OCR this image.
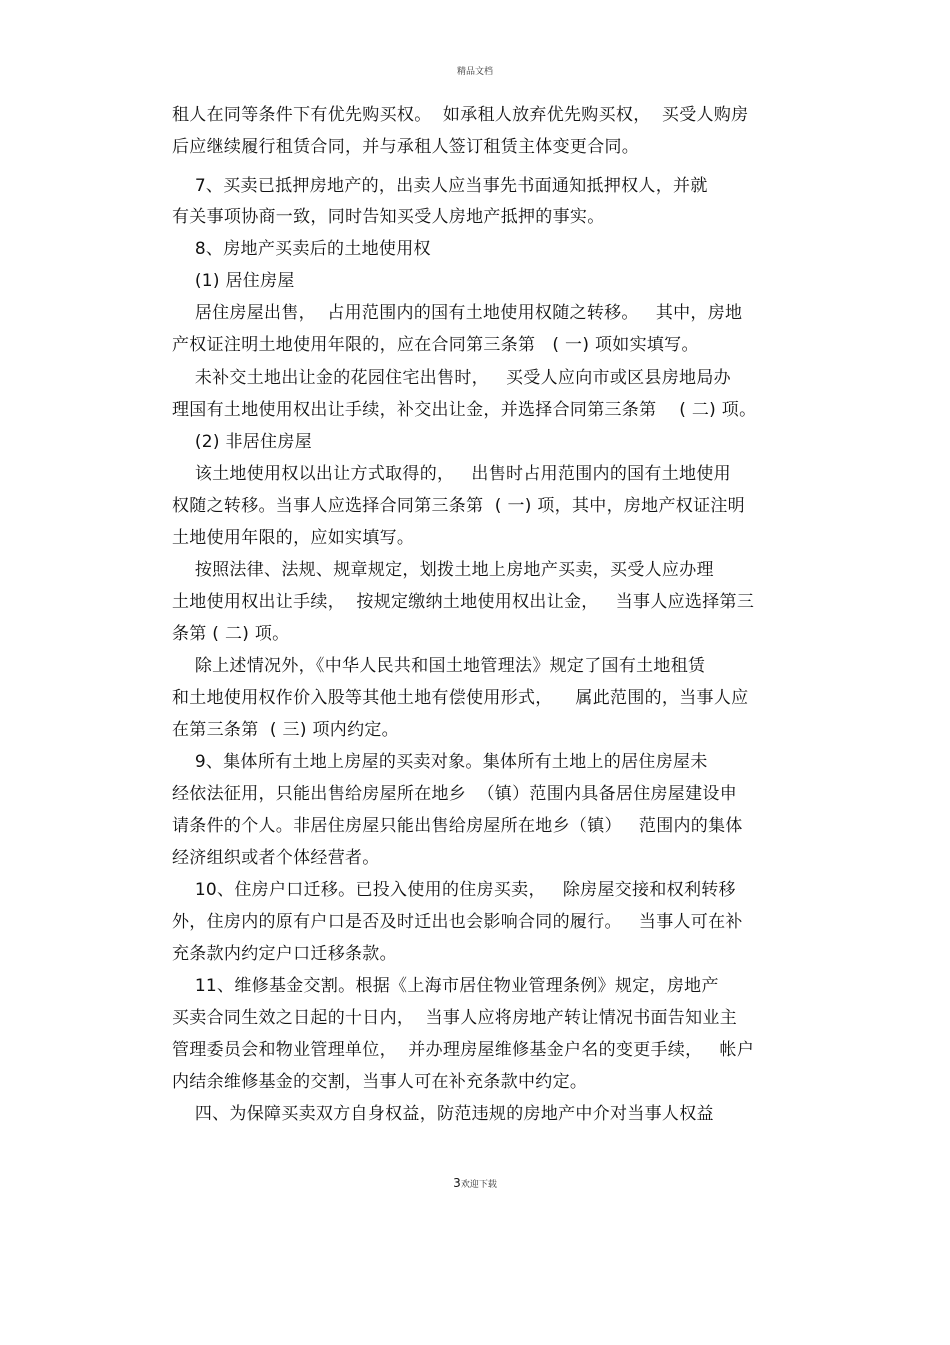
精品文档
租人在同等条件下有优先购买权。  如承租人放弃优先购买权，  买受人购房
后应继续履行租赁合同，并与承租人签订租赁主体变更合同。
7、买卖已抵押房地产的，出卖人应当事先书面通知抵押权人，并就
有关事项协商一致，同时告知买受人房地产抵押的事实。
8、房地产买卖后的土地使用权
(1) 居住房屋
居住房屋出售，  占用范围内的国有土地使用权随之转移。   其中，房地
产权证注明土地使用年限的，应在合同第三条第   ( 一) 项如实填写。
未补交土地出让金的花园住宅出售时，   买受人应向市或区县房地局办
理国有土地使用权出让手续，补交出让金，并选择合同第三条第    ( 二) 项。
(2) 非居住房屋
该土地使用权以出让方式取得的，   出售时占用范围内的国有土地使用
权随之转移。当事人应选择合同第三条第  ( 一) 项，其中，房地产权证注明
土地使用年限的，应如实填写。
按照法律、法规、规章规定，划拨土地上房地产买卖，买受人应办理
土地使用权出让手续，  按规定缴纳土地使用权出让金，   当事人应选择第三
条第 ( 二) 项。
除上述情况外，《中华人民共和国土地管理法》规定了国有土地租赁
和土地使用权作价入股等其他土地有偿使用形式，    属此范围的，当事人应
在第三条第  ( 三) 项内约定。
9、集体所有土地上房屋的买卖对象。集体所有土地上的居住房屋未
经依法征用，只能出售给房屋所在地乡  （镇）范围内具备居住房屋建设申
请条件的个人。非居住房屋只能出售给房屋所在地乡（镇）   范围内的集体
经济组织或者个体经营者。
10、住房户口迁移。已投入使用的住房买卖，   除房屋交接和权利转移
外，住房内的原有户口是否及时迁出也会影响合同的履行。   当事人可在补
充条款内约定户口迁移条款。
11、维修基金交割。根据《上海市居住物业管理条例》规定，房地产
买卖合同生效之日起的十日内，  当事人应将房地产转让情况书面告知业主
管理委员会和物业管理单位，  并办理房屋维修基金户名的变更手续，   帐户
内结余维修基金的交割，当事人可在补充条款中约定。
四、为保障买卖双方自身权益，防范违规的房地产中介对当事人权益
3欢迎下载
